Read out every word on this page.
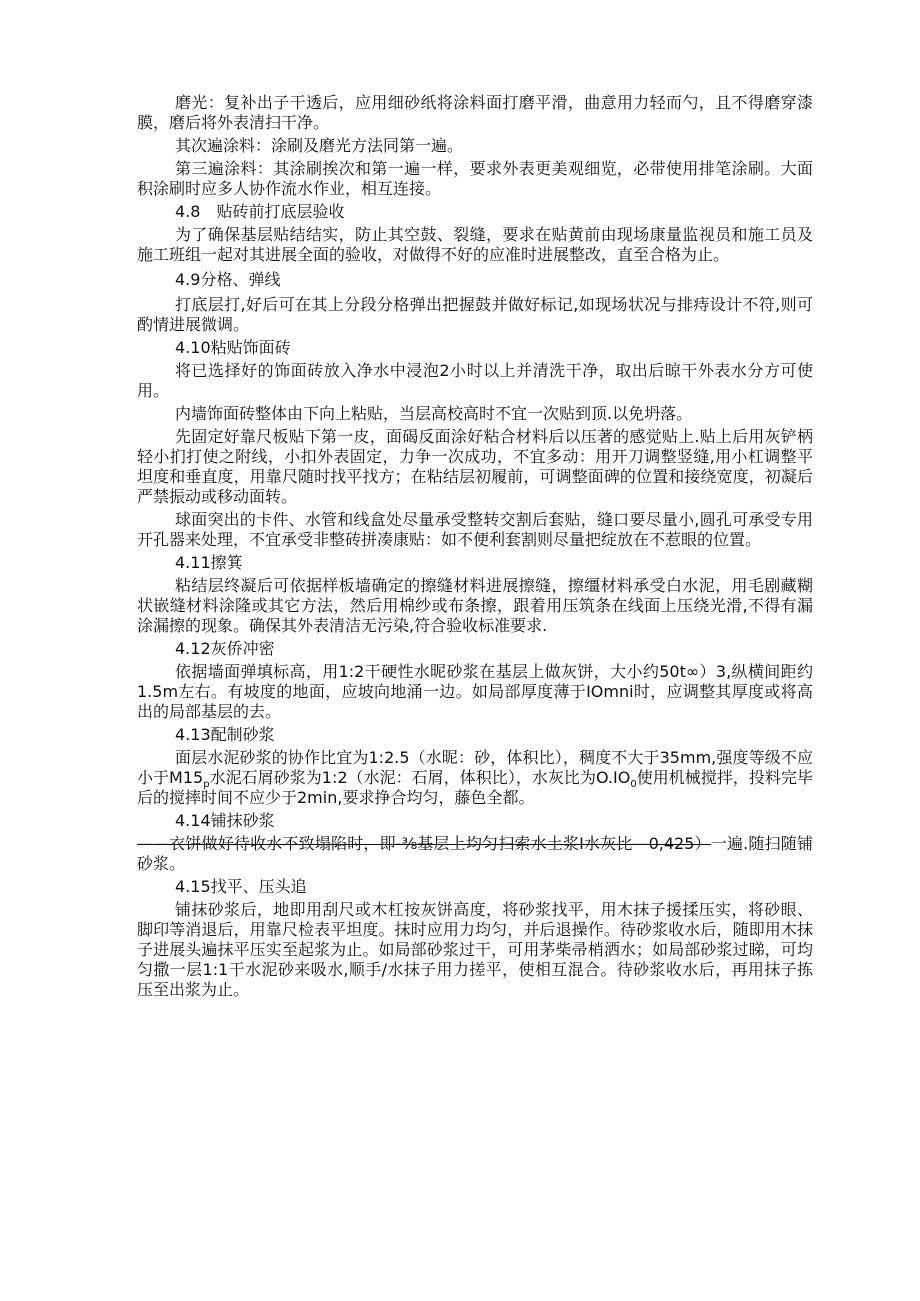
磨光：复补出子干透后，应用细砂纸将涂料面打磨平滑，曲意用力轻而勺，且不得磨穿漆膜，磨后将外表清扫干净。

其次遍涂料：涂刷及磨光方法同第一遍。

第三遍涂料：其涂刷挨次和第一遍一样，要求外表更美观细览，必带使用排笔涂刷。大面积涂刷时应多人协作流水作业，相互连接。

4.8　贴砖前打底层验收

为了确保基层贴结结实，防止其空鼓、裂缝，要求在贴黄前由现场康量监视员和施工员及施工班组一起对其进展全面的验收，对做得不好的应准时进展整改，直至合格为止。

4.9分格、弹线

打底层打,好后可在其上分段分格弹出把握鼓并做好标记,如现场状况与排痔设计不符,则可酌情进展微调。

4.10粘贴饰面砖

将已选择好的饰面砖放入净水中浸泡2小时以上并清洗干净，取出后晾干外表水分方可使用。

内墙饰面砖整体由下向上粘贴，当层高校高时不宜一次贴到顶.以免坍落。

先固定好靠尺板贴下第一皮，面碣反面涂好粘合材料后以压著的感觉贴上.贴上后用灰铲柄轻小扪打使之附线，小扣外表固定，力争一次成功，不宜多动：用开刀调整竖缝,用小杠调整平坦度和垂直度，用靠尺随时找平找方；在粘结层初履前，可调整面碑的位置和接绕宽度，初凝后严禁振动或移动面转。

球面突出的卡件、水管和线盒处尽量承受整转交割后套贴，缝口要尽量小,圆孔可承受专用开孔器来处理，不宜承受非整砖拼凑康贴：如不便利套割则尽量把绽放在不惹眼的位置。

4.11擦箕

粘结层终凝后可依据样板墙确定的擦缝材料进展擦缝，擦缰材料承受白水泥，用毛剧藏糊状嵌缝材料涂隆或其它方法，然后用棉纱或布条擦，跟着用压筑条在线面上压绕光滑,不得有漏涂漏擦的现象。确保其外表清洁无污染,符合验收标准要求.

4.12灰侨冲密

依据墙面弹填标高，用1:2干硬性水昵砂浆在基层上做灰饼，大小约50t∞）3,纵横间距约1.5m左右。有坡度的地面，应坡向地涌一边。如局部厚度薄于IOmni时，应调整其厚度或将高出的局部基层的去。

4.13配制砂浆

面层水泥砂浆的协作比宜为1:2.5（水昵：砂，体积比），稠度不大于35mm,强度等级不应小于$M15_p$水泥石屑砂浆为1:2（水泥：石屑，体积比），水灰比为$O.IO_0$使用机械搅拌，投料完毕后的搅摔时间不应少于2min,要求挣合均匀，藤色全都。

4.14铺抹砂浆

——衣饼做好待收水不致塌陷时，即-⅜基层上均匀扫索水土浆I水灰比—0,425）一遍.随扫随铺砂浆。

4.15找平、压头追

铺抹砂浆后，地即用刮尺或木杠按灰饼高度，将砂浆找平，用木抹子援揉压实，将砂眼、脚印等消退后，用靠尺检表平坦度。抹时应用力均匀，并后退操作。待砂浆收水后，随即用木抹子进展头遍抹平压实至起浆为止。如局部砂浆过干，可用茅柴帚梢洒水；如局部砂浆过睇，可均匀撒一层1:1干水泥砂来吸水,顺手/水抹子用力搓平，使相互混合。待砂浆收水后，再用抹子拣压至出浆为止。
